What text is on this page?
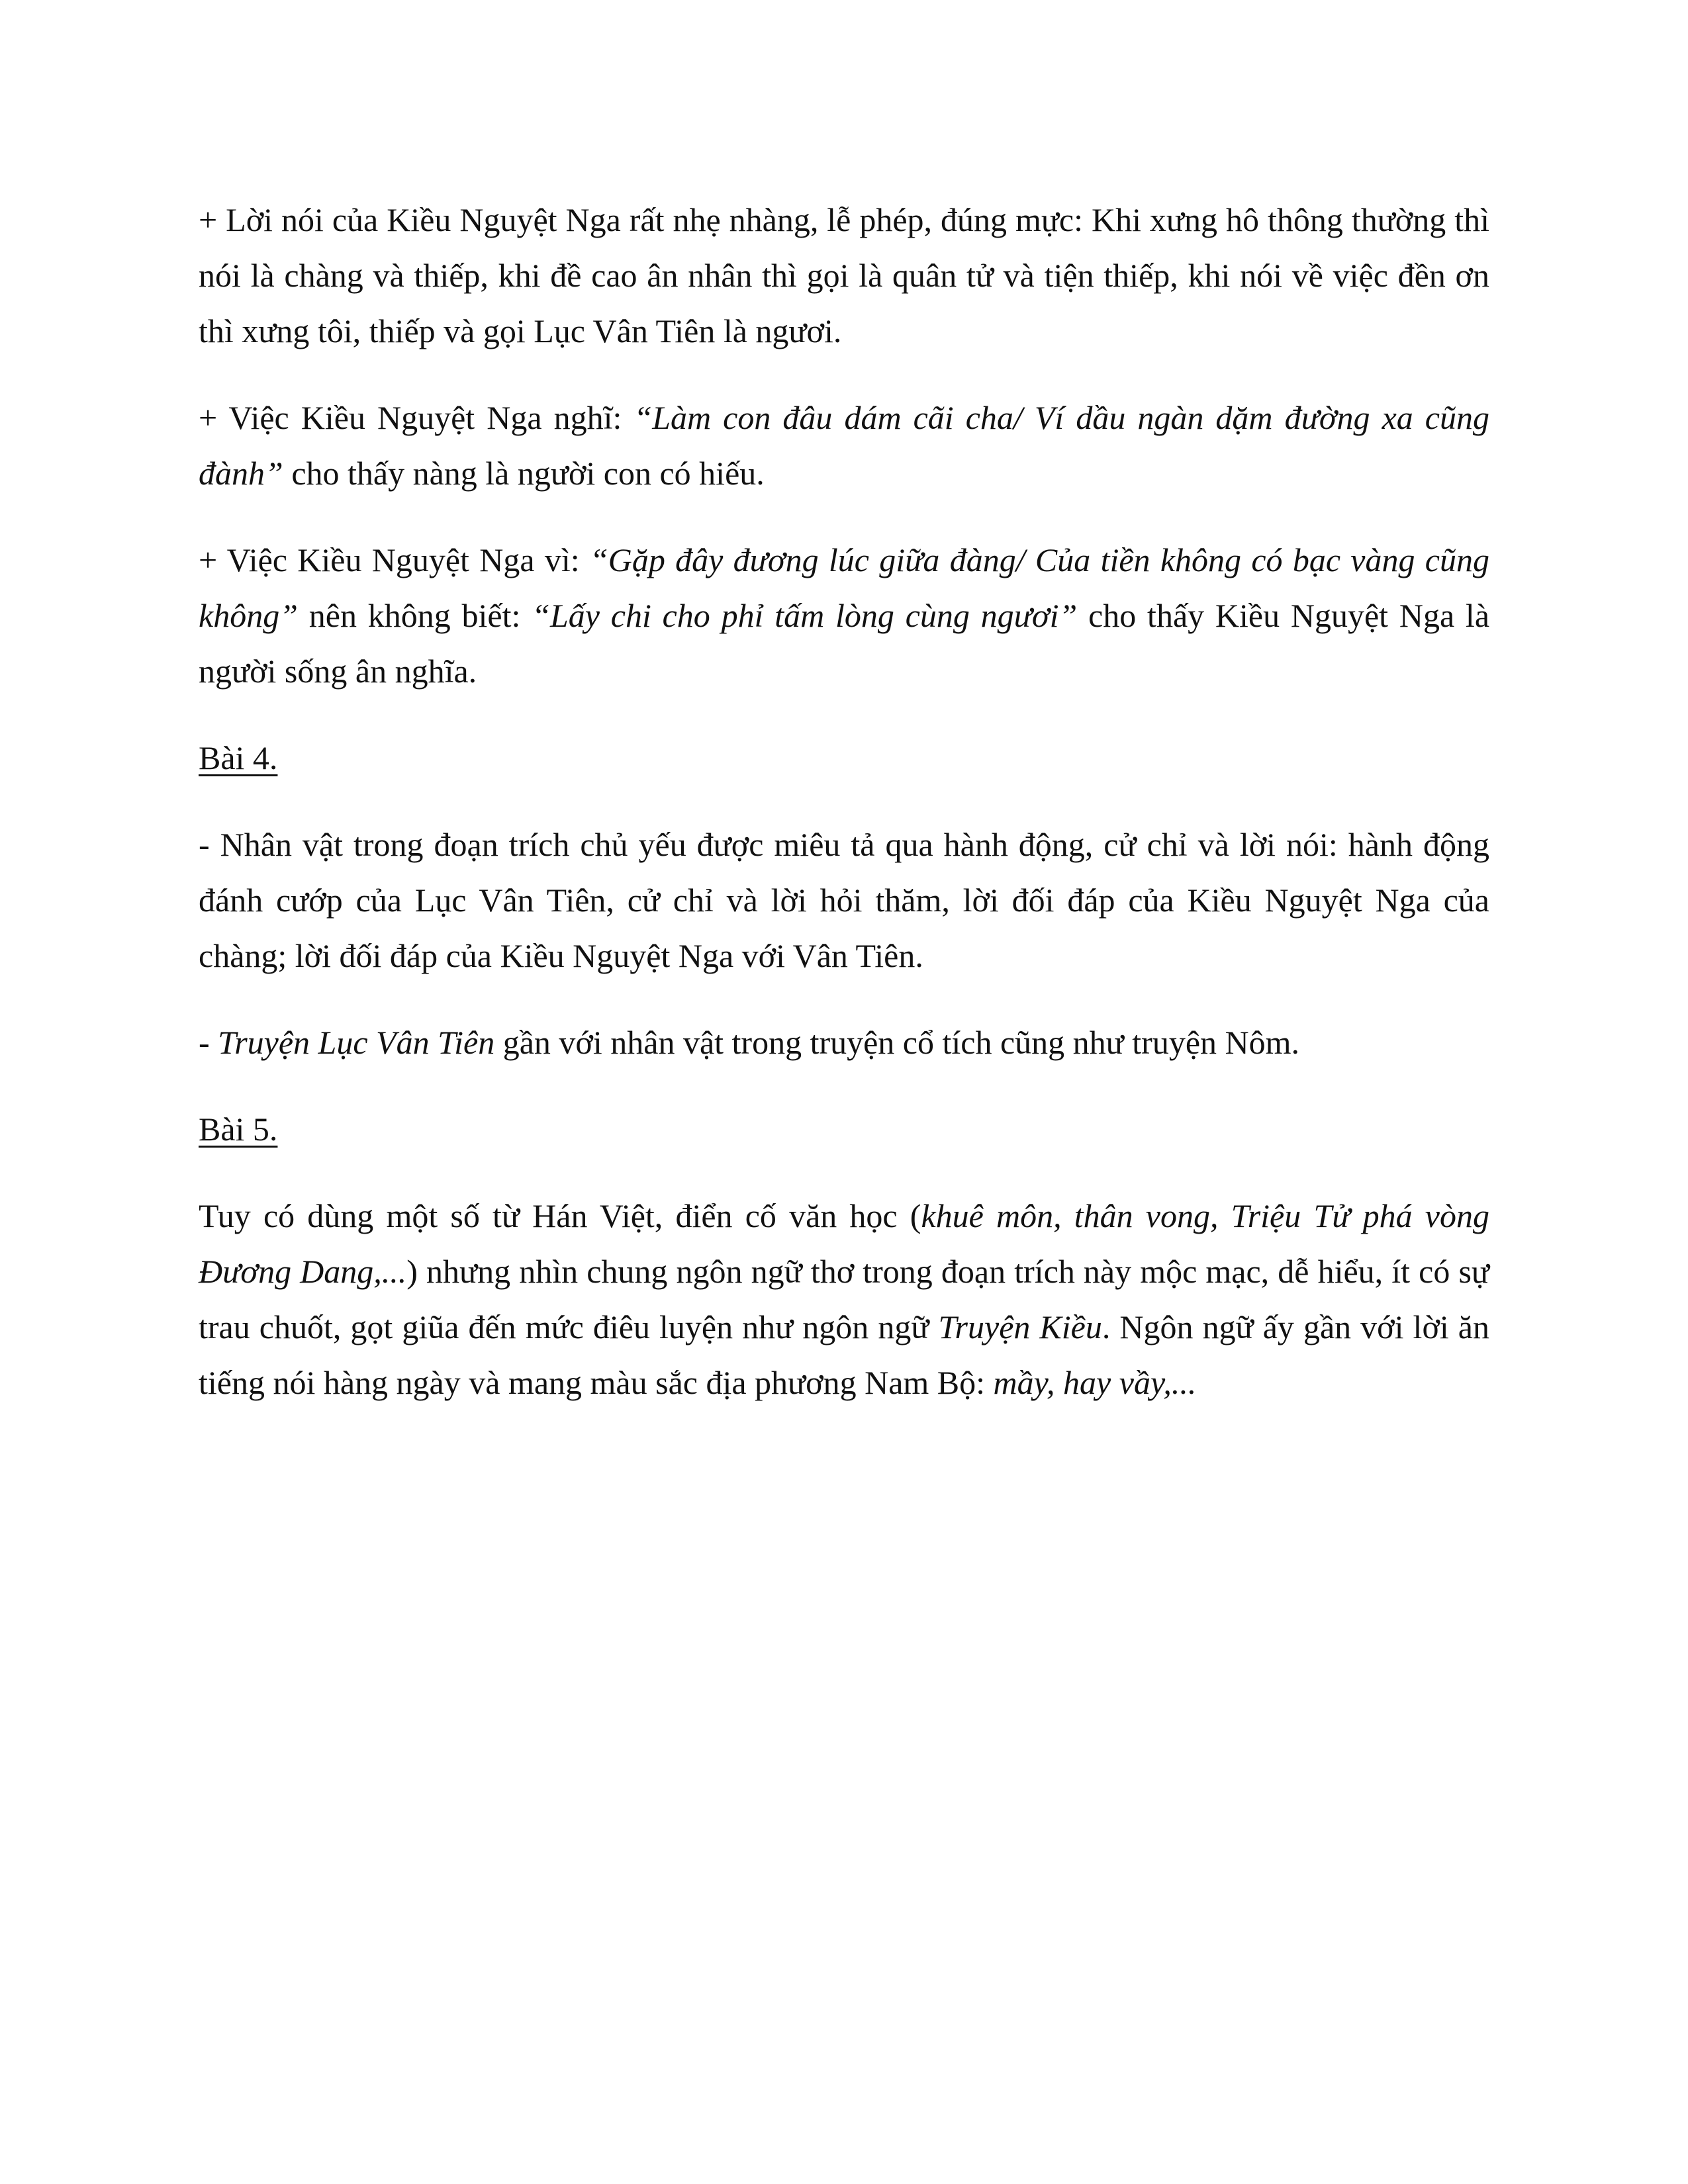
+ Lời nói của Kiều Nguyệt Nga rất nhẹ nhàng, lễ phép, đúng mực: Khi xưng hô thông thường thì nói là chàng và thiếp, khi đề cao ân nhân thì gọi là quân tử và tiện thiếp, khi nói về việc đền ơn thì xưng tôi, thiếp và gọi Lục Vân Tiên là ngươi.

+ Việc Kiều Nguyệt Nga nghĩ: “Làm con đâu dám cãi cha/ Ví dầu ngàn dặm đường xa cũng đành” cho thấy nàng là người con có hiếu.

+ Việc Kiều Nguyệt Nga vì: “Gặp đây đương lúc giữa đàng/ Của tiền không có bạc vàng cũng không” nên không biết: “Lấy chi cho phỉ tấm lòng cùng ngươi” cho thấy Kiều Nguyệt Nga là người sống ân nghĩa.

Bài 4.

- Nhân vật trong đoạn trích chủ yếu được miêu tả qua hành động, cử chỉ và lời nói: hành động đánh cướp của Lục Vân Tiên, cử chỉ và lời hỏi thăm, lời đối đáp của Kiều Nguyệt Nga của chàng; lời đối đáp của Kiều Nguyệt Nga với Vân Tiên.

- Truyện Lục Vân Tiên gần với nhân vật trong truyện cổ tích cũng như truyện Nôm.

Bài 5.

Tuy có dùng một số từ Hán Việt, điển cố văn học (khuê môn, thân vong, Triệu Tử phá vòng Đương Dang,...) nhưng nhìn chung ngôn ngữ thơ trong đoạn trích này mộc mạc, dễ hiểu, ít có sự trau chuốt, gọt giũa đến mức điêu luyện như ngôn ngữ Truyện Kiều. Ngôn ngữ ấy gần với lời ăn tiếng nói hàng ngày và mang màu sắc địa phương Nam Bộ: mầy, hay vầy,...
